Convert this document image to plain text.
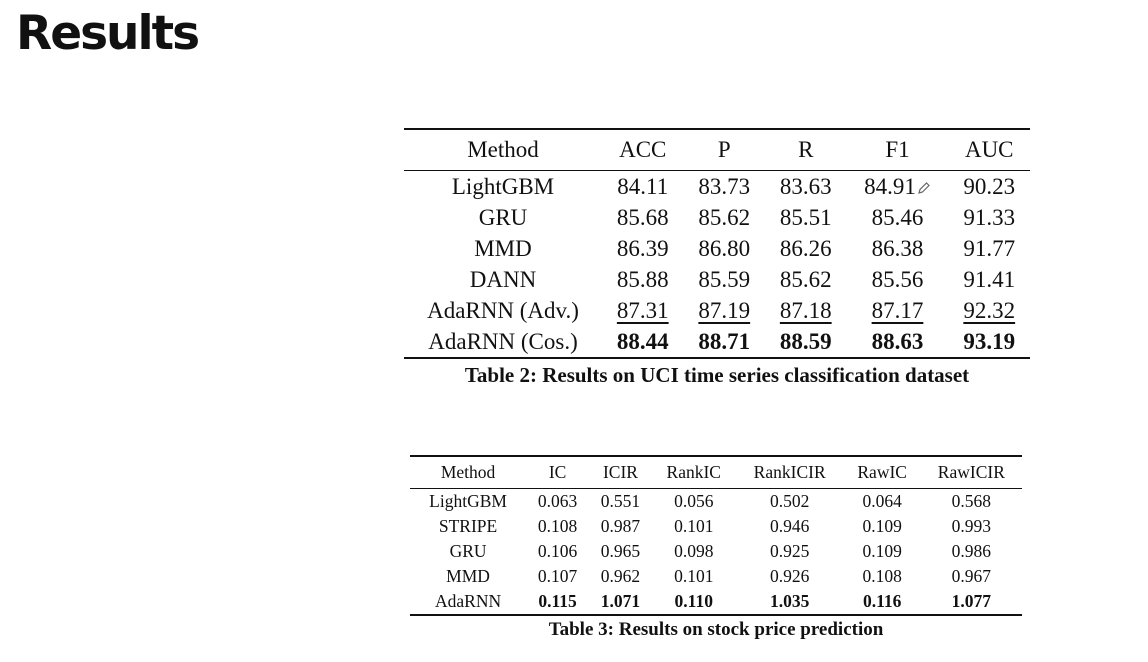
Results
Method	ACC	P	R	F1	AUC
LightGBM	84.11	83.73	83.63	84.91	90.23
GRU	85.68	85.62	85.51	85.46	91.33
MMD	86.39	86.80	86.26	86.38	91.77
DANN	85.88	85.59	85.62	85.56	91.41
AdaRNN (Adv.)	87.31	87.19	87.18	87.17	92.32
AdaRNN (Cos.)	88.44	88.71	88.59	88.63	93.19
Table 2: Results on UCI time series classification dataset
Method	IC	ICIR	RankIC	RankICIR	RawIC	RawICIR
LightGBM	0.063	0.551	0.056	0.502	0.064	0.568
STRIPE	0.108	0.987	0.101	0.946	0.109	0.993
GRU	0.106	0.965	0.098	0.925	0.109	0.986
MMD	0.107	0.962	0.101	0.926	0.108	0.967
AdaRNN	0.115	1.071	0.110	1.035	0.116	1.077
Table 3: Results on stock price prediction
